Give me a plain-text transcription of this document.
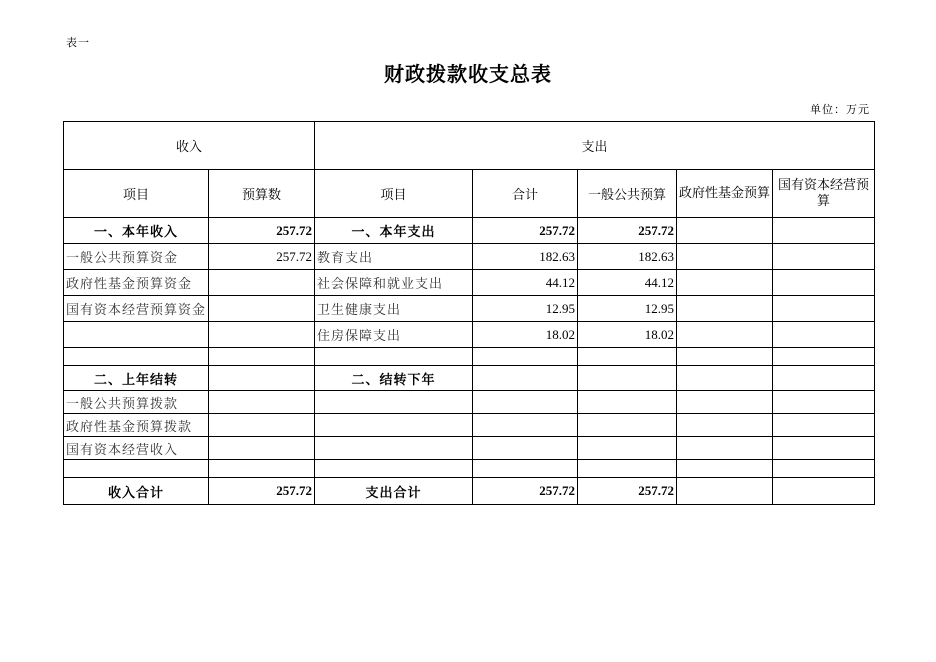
表一
财政拨款收支总表
单位：万元
收入		支出				
项目	预算数	项目	合计	一般公共预算	政府性基金预算	国有资本经营预算
一、本年收入	257.72	一、本年支出	257.72	257.72		
一般公共预算资金	257.72	教育支出	182.63	182.63		
政府性基金预算资金		社会保障和就业支出	44.12	44.12		
国有资本经营预算资金		卫生健康支出	12.95	12.95		
		住房保障支出	18.02	18.02		

二、上年结转		二、结转下年				
一般公共预算拨款						
政府性基金预算拨款						
国有资本经营收入						

收入合计	257.72	支出合计	257.72	257.72		
